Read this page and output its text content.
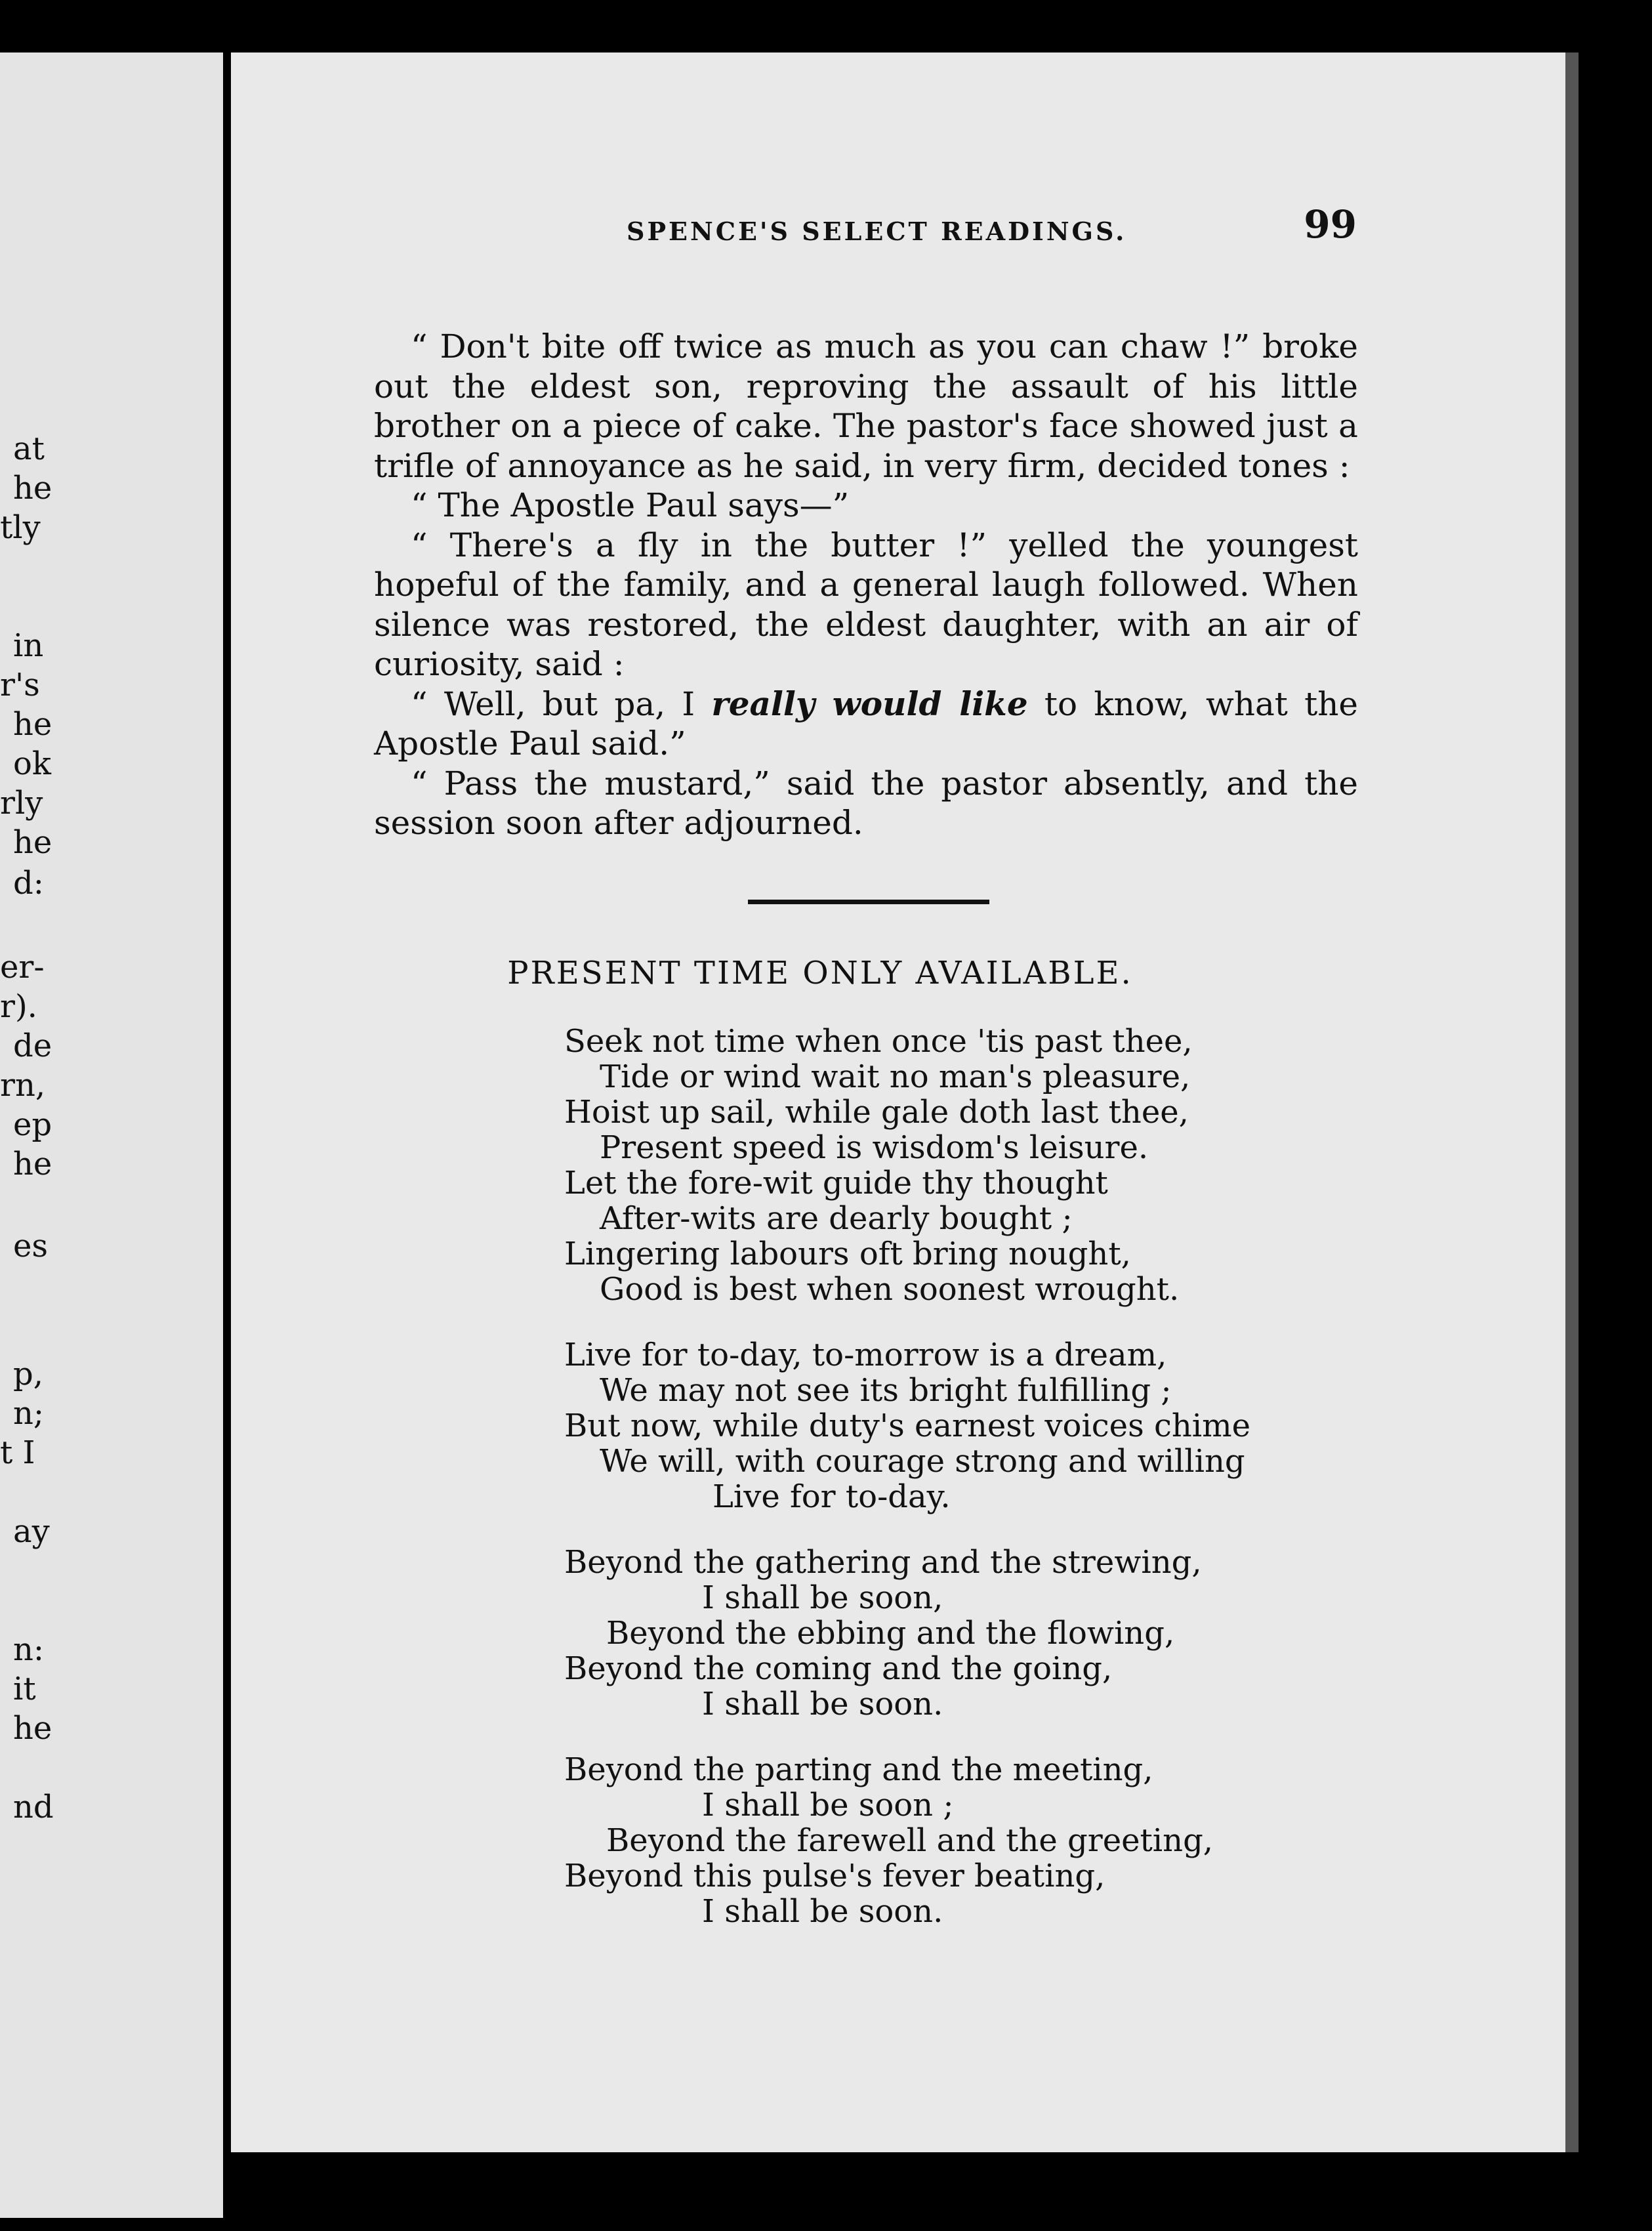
at
he
tly
in
r's
he
ok
rly
he
d:
er-
r).
de
rn,
ep
he
es
p,
n;
t I
ay
n:
it
he
nd
SPENCE'S SELECT READINGS.	99

“ Don't bite off twice as much as you can chaw !” broke out the eldest son, reproving the assault of his little brother on a piece of cake. The pastor's face showed just a trifle of annoyance as he said, in very firm, decided tones :

“ The Apostle Paul says—”

“ There's a fly in the butter !” yelled the youngest hopeful of the family, and a general laugh followed. When silence was restored, the eldest daughter, with an air of curiosity, said :

“ Well, but pa, I really would like to know, what the Apostle Paul said.”

“ Pass the mustard,” said the pastor absently, and the session soon after adjourned.

PRESENT TIME ONLY AVAILABLE.
Seek not time when once 'tis past thee,
Tide or wind wait no man's pleasure,
Hoist up sail, while gale doth last thee,
Present speed is wisdom's leisure.
Let the fore-wit guide thy thought
After-wits are dearly bought ;
Lingering labours oft bring nought,
Good is best when soonest wrought.
Live for to-day, to-morrow is a dream,
We may not see its bright fulfilling ;
But now, while duty's earnest voices chime
We will, with courage strong and willing
Live for to-day.
Beyond the gathering and the strewing,
I shall be soon,
Beyond the ebbing and the flowing,
Beyond the coming and the going,
I shall be soon.
Beyond the parting and the meeting,
I shall be soon ;
Beyond the farewell and the greeting,
Beyond this pulse's fever beating,
I shall be soon.
